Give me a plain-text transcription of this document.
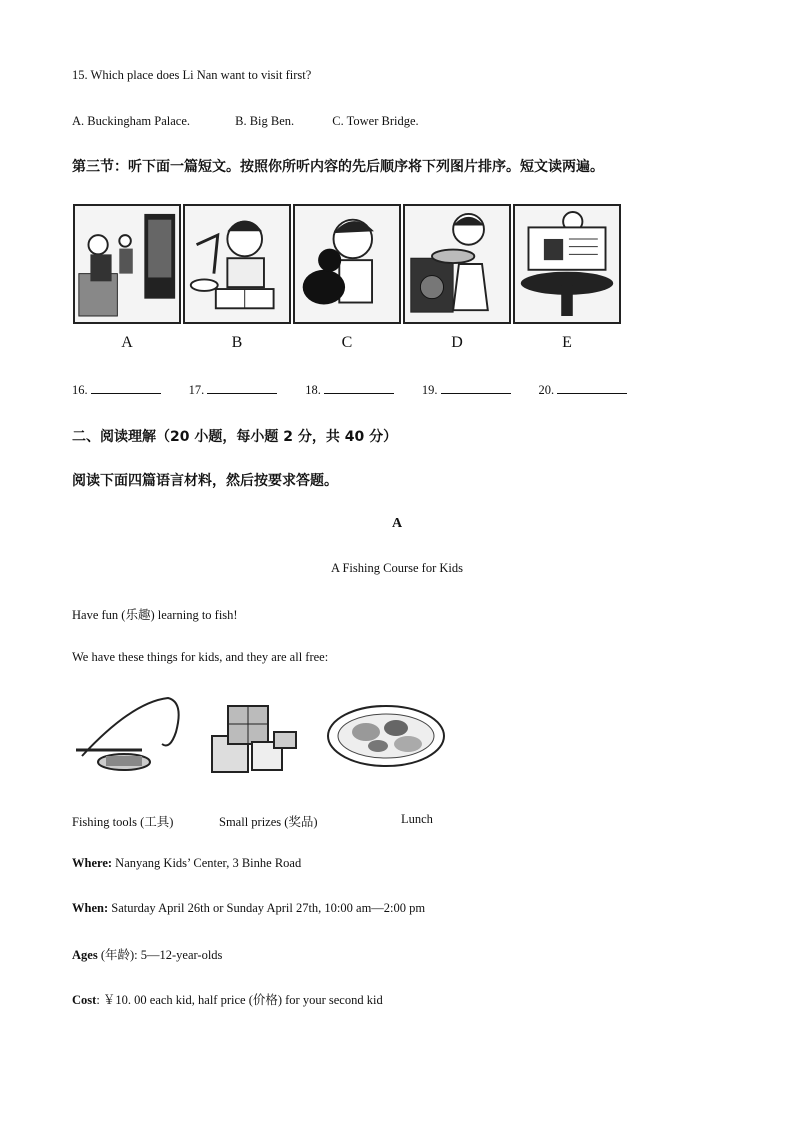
15. Which place does Li Nan want to visit first?
A. Buckingham Palace.	B. Big Ben.	C. Tower Bridge.
第三节：听下面一篇短文。按照你所听内容的先后顺序将下列图片排序。短文读两遍。
A	B	C	D	E
16.	17.	18.	19.	20.
二、阅读理解（20 小题，每小题 2 分，共 40 分）
阅读下面四篇语言材料，然后按要求答题。
A
A Fishing Course for Kids
Have fun (乐趣) learning to fish!
We have these things for kids, and they are all free:
Fishing tools (工具)	Small prizes (奖品)	Lunch
Where: Nanyang Kids’ Center, 3 Binhe Road
When: Saturday April 26th or Sunday April 27th, 10:00 am—2:00 pm
Ages (年龄): 5—12-year-olds
Cost: ￥10. 00 each kid, half price (价格) for your second kid
